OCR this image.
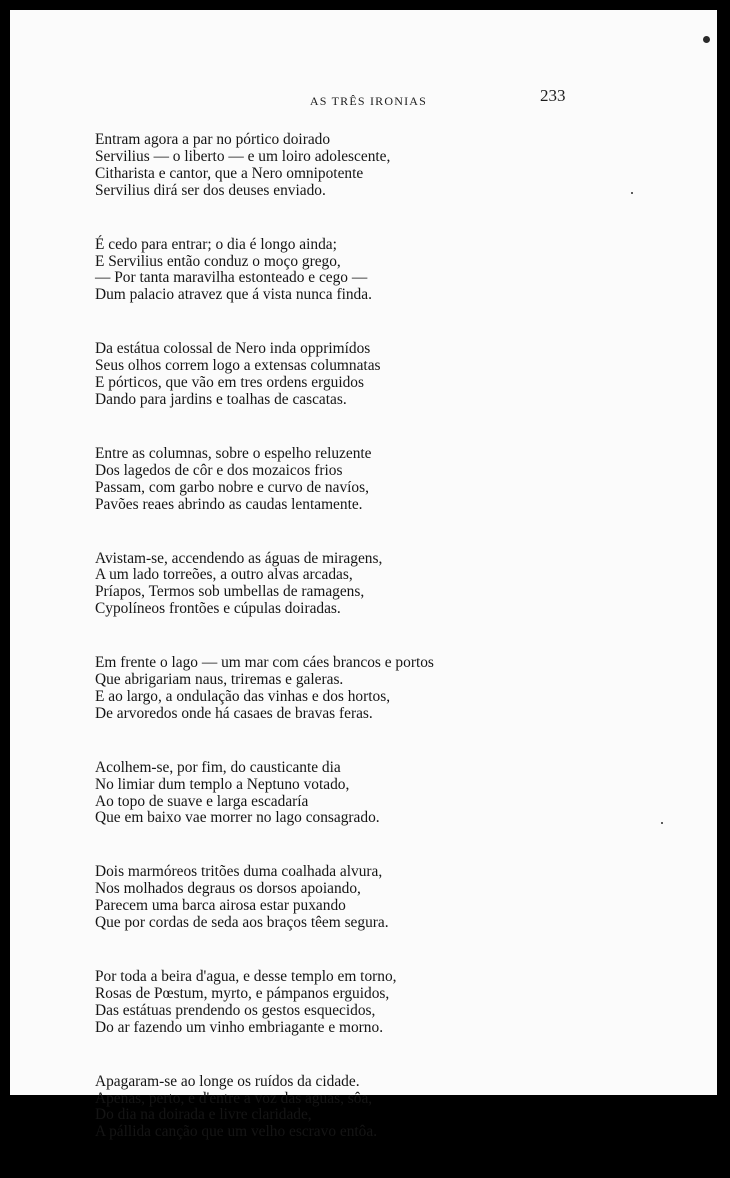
AS TRÊS IRONIAS	233
Entram agora a par no pórtico doirado
Servilius — o liberto — e um loiro adolescente,
Citharista e cantor, que a Nero omnipotente
Servilius dirá ser dos deuses enviado.
É cedo para entrar; o dia é longo ainda;
E Servilius então conduz o moço grego,
— Por tanta maravilha estonteado e cego —
Dum palacio atravez que á vista nunca finda.
Da estátua colossal de Nero inda opprimídos
Seus olhos correm logo a extensas columnatas
E pórticos, que vão em tres ordens erguidos
Dando para jardins e toalhas de cascatas.
Entre as columnas, sobre o espelho reluzente
Dos lagedos de côr e dos mozaicos frios
Passam, com garbo nobre e curvo de navíos,
Pavões reaes abrindo as caudas lentamente.
Avistam-se, accendendo as águas de miragens,
A um lado torreões, a outro alvas arcadas,
Príapos, Termos sob umbellas de ramagens,
Cypolíneos frontões e cúpulas doiradas.
Em frente o lago — um mar com cáes brancos e portos
Que abrigariam naus, triremas e galeras.
E ao largo, a ondulação das vinhas e dos hortos,
De arvoredos onde há casaes de bravas feras.
Acolhem-se, por fim, do causticante dia
No limiar dum templo a Neptuno votado,
Ao topo de suave e larga escadaría
Que em baixo vae morrer no lago consagrado.
Dois marmóreos tritões duma coalhada alvura,
Nos molhados degraus os dorsos apoiando,
Parecem uma barca airosa estar puxando
Que por cordas de seda aos braços têem segura.
Por toda a beira d'agua, e desse templo em torno,
Rosas de Pœstum, myrto, e pámpanos erguidos,
Das estátuas prendendo os gestos esquecidos,
Do ar fazendo um vinho embriagante e morno.
Apagaram-se ao longe os ruídos da cidade.
Apenas, perto, e d'entre a voz das aguas, sôa,
Do dia na doirada e livre claridade,
A pállida canção que um velho escravo entôa.
